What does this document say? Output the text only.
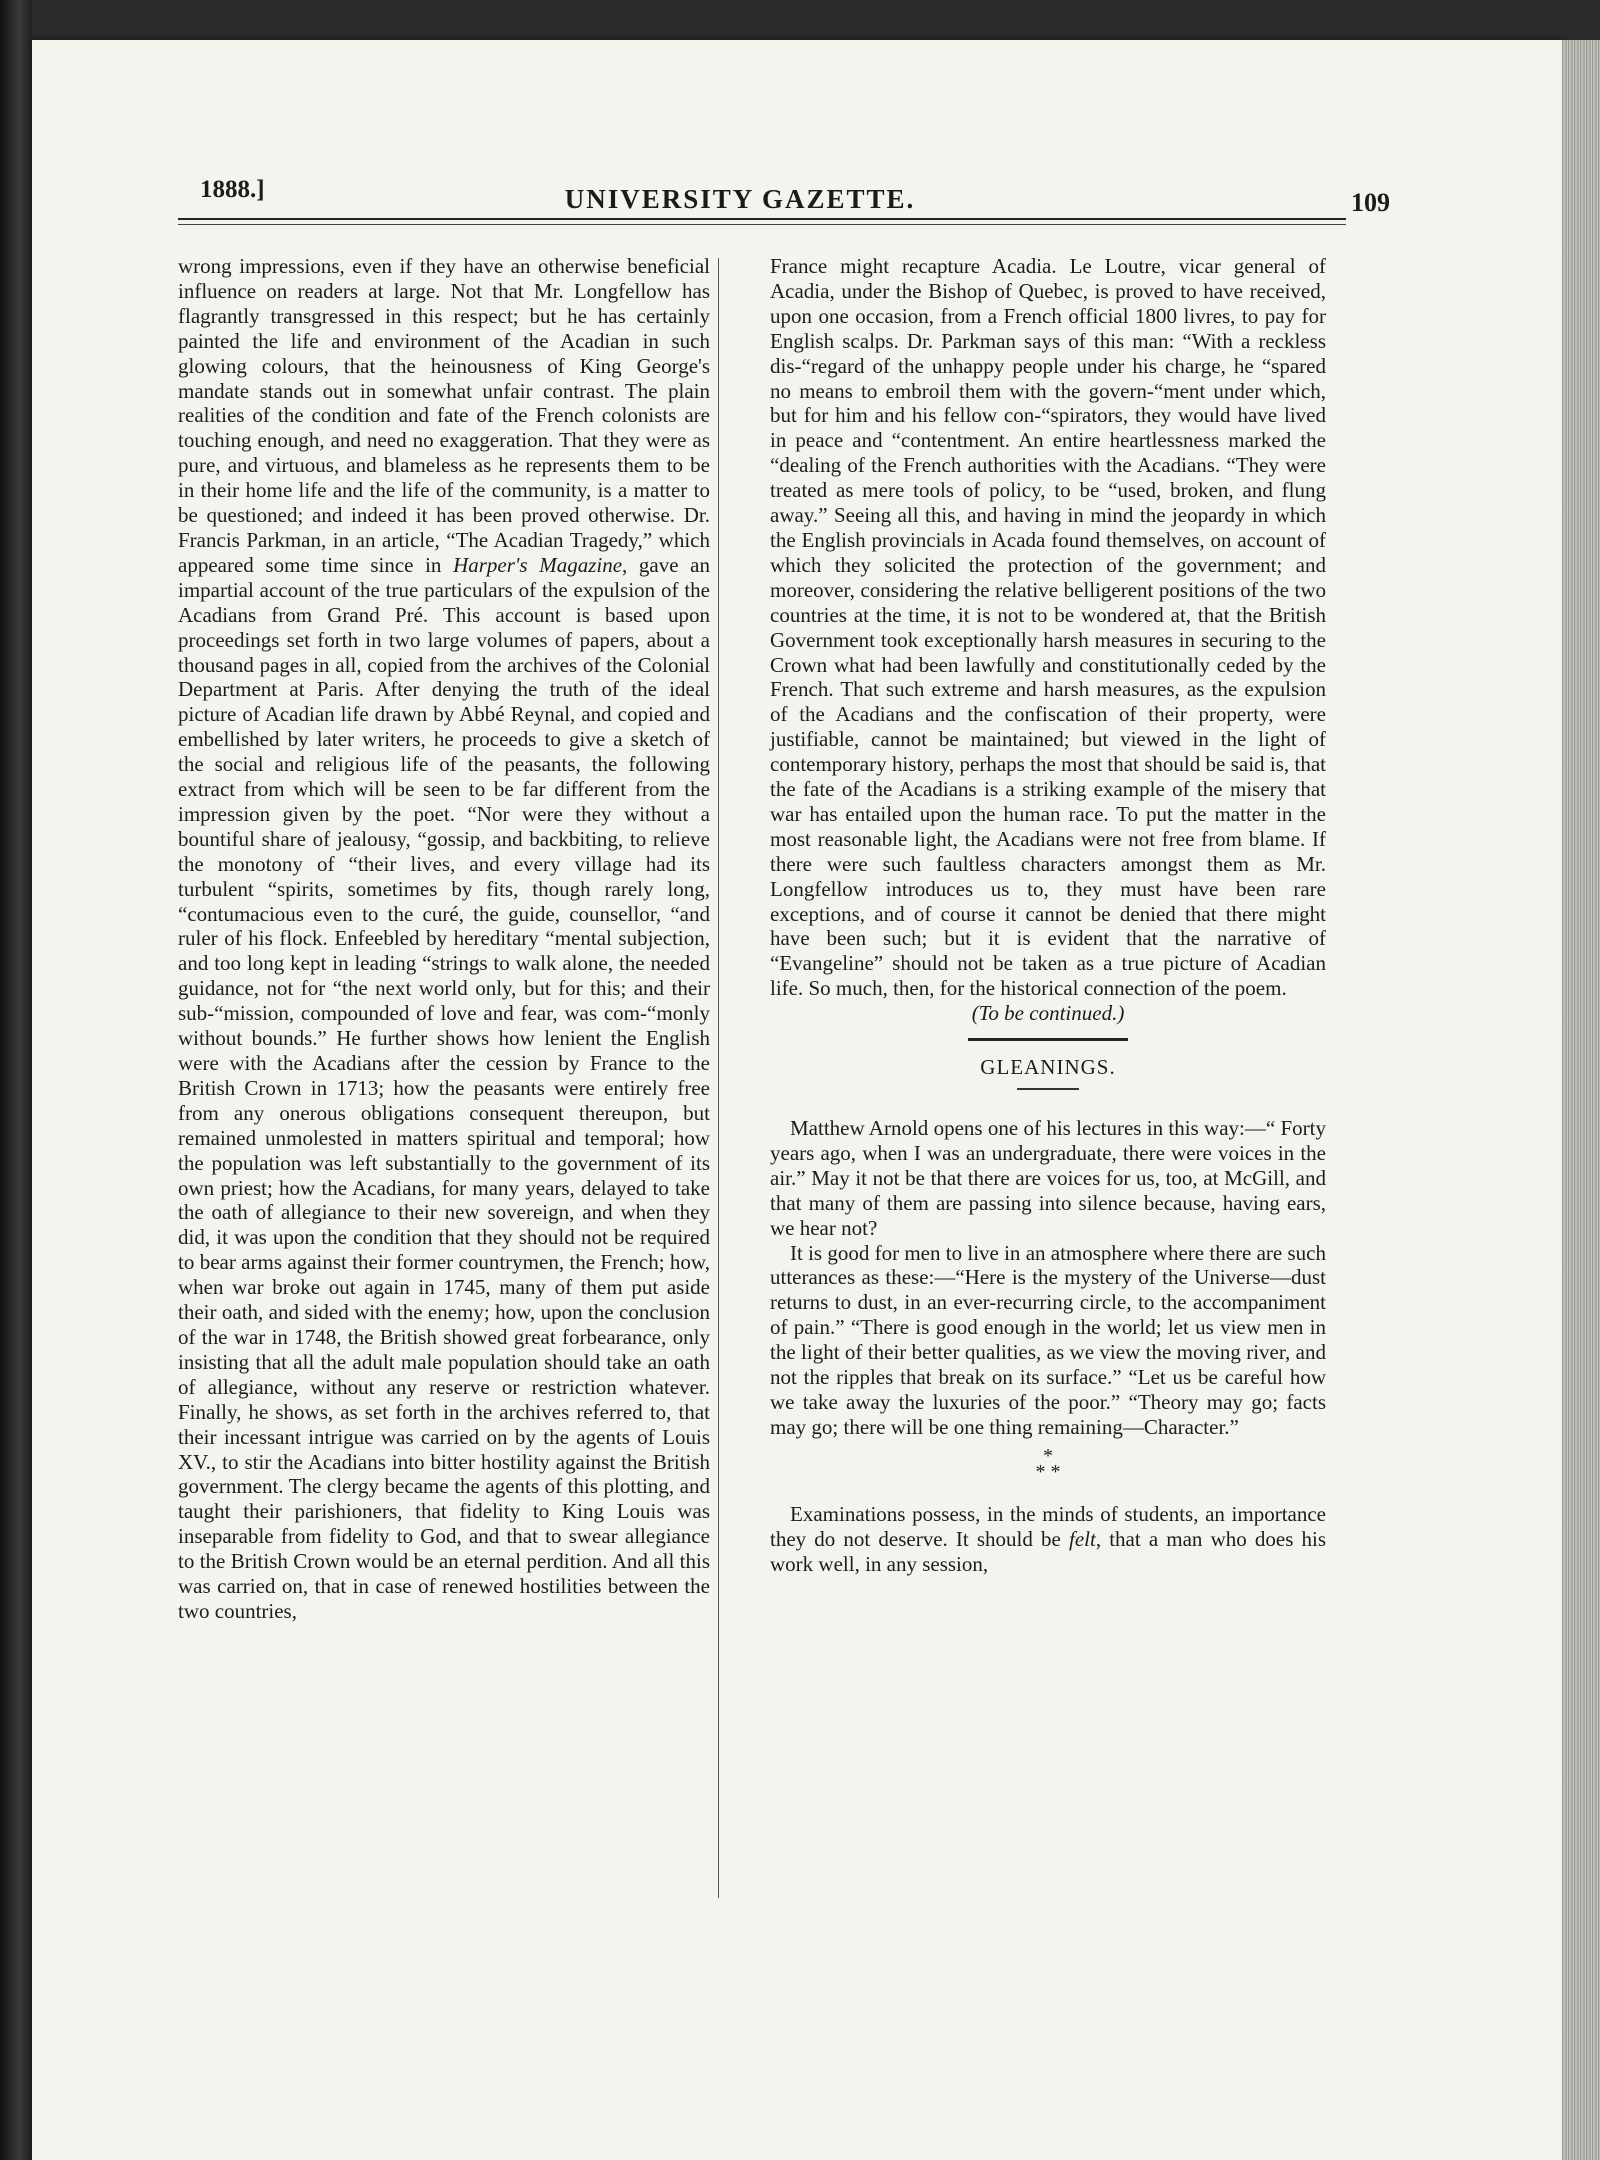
1888.]	UNIVERSITY GAZETTE.	109

wrong impressions, even if they have an otherwise beneficial influence on readers at large. Not that Mr. Longfellow has flagrantly transgressed in this respect; but he has certainly painted the life and environment of the Acadian in such glowing colours, that the heinousness of King George's mandate stands out in somewhat unfair contrast. The plain realities of the condition and fate of the French colonists are touching enough, and need no exaggeration. That they were as pure, and virtuous, and blameless as he represents them to be in their home life and the life of the community, is a matter to be questioned; and indeed it has been proved otherwise. Dr. Francis Parkman, in an article, “The Acadian Tragedy,” which appeared some time since in Harper's Magazine, gave an impartial account of the true particulars of the expulsion of the Acadians from Grand Pré. This account is based upon proceedings set forth in two large volumes of papers, about a thousand pages in all, copied from the archives of the Colonial Department at Paris. After denying the truth of the ideal picture of Acadian life drawn by Abbé Reynal, and copied and embellished by later writers, he proceeds to give a sketch of the social and religious life of the peasants, the following extract from which will be seen to be far different from the impression given by the poet. “Nor were they without a bountiful share of jealousy, “gossip, and backbiting, to relieve the monotony of “their lives, and every village had its turbulent “spirits, sometimes by fits, though rarely long, “contumacious even to the curé, the guide, counsellor, “and ruler of his flock. Enfeebled by hereditary “mental subjection, and too long kept in leading “strings to walk alone, the needed guidance, not for “the next world only, but for this; and their sub-“mission, compounded of love and fear, was com-“monly without bounds.” He further shows how lenient the English were with the Acadians after the cession by France to the British Crown in 1713; how the peasants were entirely free from any onerous obligations consequent thereupon, but remained unmolested in matters spiritual and temporal; how the population was left substantially to the government of its own priest; how the Acadians, for many years, delayed to take the oath of allegiance to their new sovereign, and when they did, it was upon the condition that they should not be required to bear arms against their former countrymen, the French; how, when war broke out again in 1745, many of them put aside their oath, and sided with the enemy; how, upon the conclusion of the war in 1748, the British showed great forbearance, only insisting that all the adult male population should take an oath of allegiance, without any reserve or restriction whatever. Finally, he shows, as set forth in the archives referred to, that their incessant intrigue was carried on by the agents of Louis XV., to stir the Acadians into bitter hostility against the British government. The clergy became the agents of this plotting, and taught their parishioners, that fidelity to King Louis was inseparable from fidelity to God, and that to swear allegiance to the British Crown would be an eternal perdition. And all this was carried on, that in case of renewed hostilities between the two countries,

France might recapture Acadia. Le Loutre, vicar general of Acadia, under the Bishop of Quebec, is proved to have received, upon one occasion, from a French official 1800 livres, to pay for English scalps. Dr. Parkman says of this man: “With a reckless dis-“regard of the unhappy people under his charge, he “spared no means to embroil them with the govern-“ment under which, but for him and his fellow con-“spirators, they would have lived in peace and “contentment. An entire heartlessness marked the “dealing of the French authorities with the Acadians. “They were treated as mere tools of policy, to be “used, broken, and flung away.” Seeing all this, and having in mind the jeopardy in which the English provincials in Acada found themselves, on account of which they solicited the protection of the government; and moreover, considering the relative belligerent positions of the two countries at the time, it is not to be wondered at, that the British Government took exceptionally harsh measures in securing to the Crown what had been lawfully and constitutionally ceded by the French. That such extreme and harsh measures, as the expulsion of the Acadians and the confiscation of their property, were justifiable, cannot be maintained; but viewed in the light of contemporary history, perhaps the most that should be said is, that the fate of the Acadians is a striking example of the misery that war has entailed upon the human race. To put the matter in the most reasonable light, the Acadians were not free from blame. If there were such faultless characters amongst them as Mr. Longfellow introduces us to, they must have been rare exceptions, and of course it cannot be denied that there might have been such; but it is evident that the narrative of “Evangeline” should not be taken as a true picture of Acadian life. So much, then, for the historical connection of the poem.

(To be continued.)

GLEANINGS.

Matthew Arnold opens one of his lectures in this way:—“ Forty years ago, when I was an undergraduate, there were voices in the air.” May it not be that there are voices for us, too, at McGill, and that many of them are passing into silence because, having ears, we hear not?

It is good for men to live in an atmosphere where there are such utterances as these:—“Here is the mystery of the Universe—dust returns to dust, in an ever-recurring circle, to the accompaniment of pain.” “There is good enough in the world; let us view men in the light of their better qualities, as we view the moving river, and not the ripples that break on its surface.” “Let us be careful how we take away the luxuries of the poor.” “Theory may go; facts may go; there will be one thing remaining—Character.”

*
* *

Examinations possess, in the minds of students, an importance they do not deserve. It should be felt, that a man who does his work well, in any session,
